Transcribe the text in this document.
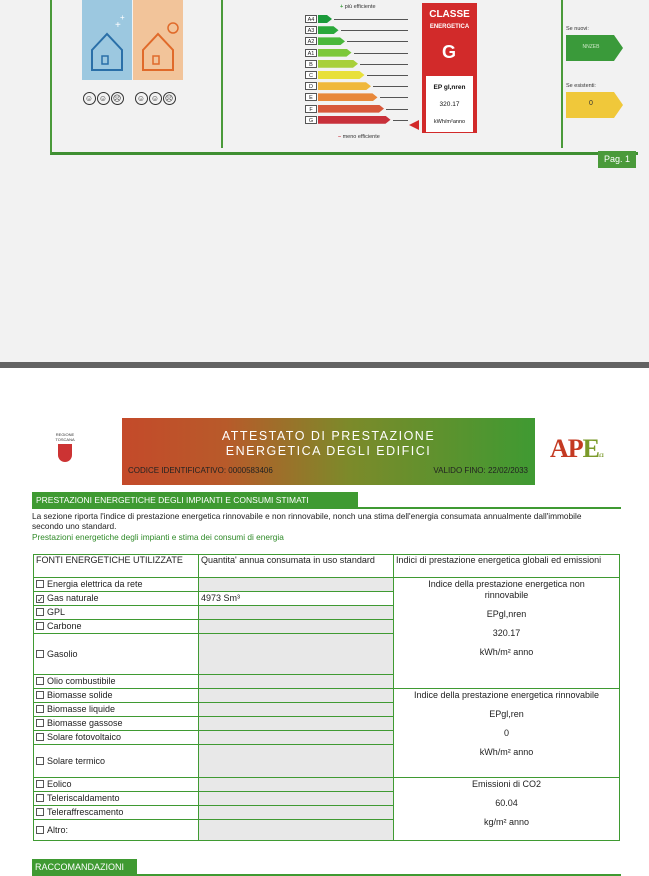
+
+
☺ ☺ ☹	☺ ☺ ☹
+ più efficiente
A4
A3
A2
A1
B
C
D
E
F
G
– meno efficiente
CLASSE
ENERGETICA
G
EP gl,nren
320.17
kWh/m²anno
Se nuovi:
NNZEB
Se esistenti:
0
Pag. 1
REGIONE TOSCANA	ATTESTATO DI PRESTAZIONE
ENERGETICA DEGLI EDIFICI
CODICE IDENTIFICATIVO: 0000583406	VALIDO FINO: 22/02/2033
APE.CI
PRESTAZIONI ENERGETICHE DEGLI IMPIANTI E CONSUMI STIMATI
La sezione riporta l'indice di prestazione energetica rinnovabile e non rinnovabile, nonch una stima dell'energia consumata annualmente dall'immobile secondo uno standard.
Prestazioni energetiche degli impianti e stima dei consumi di energia
FONTI ENERGETICHE UTILIZZATE	Quantita' annua consumata in uso standard	Indici di prestazione energetica globali ed emissioni
Energia elettrica da rete		Indice della prestazione energetica non rinnovabile
EPgl,nren
320.17
kWh/m² anno

✓ Gas naturale	4973 Sm³	
GPL		
Carbone		
Gasolio		
Olio combustibile		
Biomasse solide		Indice della prestazione energetica rinnovabile
EPgl,ren
0
kWh/m² anno

Biomasse liquide		
Biomasse gassose		
Solare fotovoltaico		
Solare termico		
Eolico		Emissioni di CO2
60.04
kg/m² anno

Teleriscaldamento		
Teleraffrescamento		
Altro:		
RACCOMANDAZIONI
